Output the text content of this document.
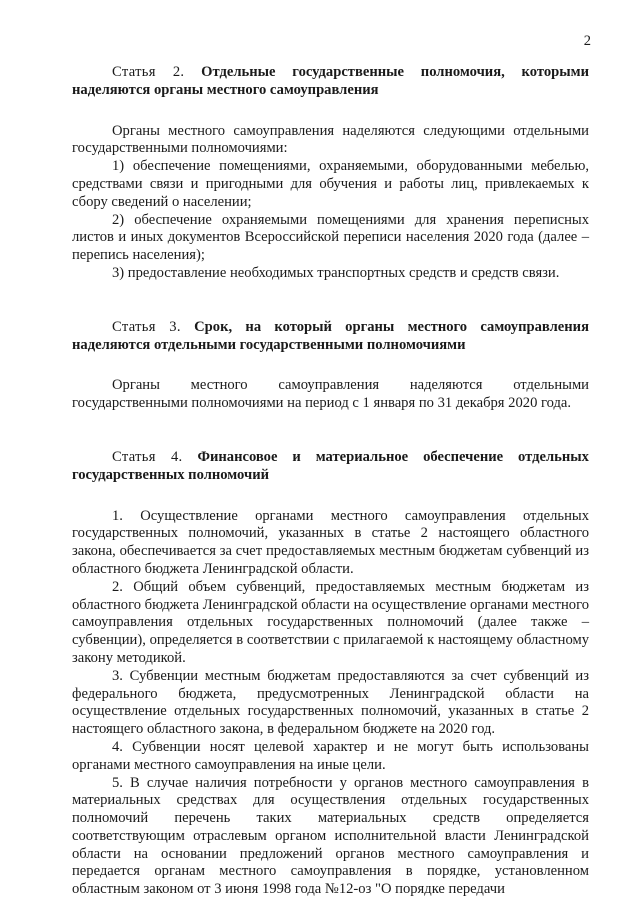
2

Статья 2. Отдельные государственные полномочия, которыми наделяются органы местного самоуправления

Органы местного самоуправления наделяются следующими отдельными государственными полномочиями:

1) обеспечение помещениями, охраняемыми, оборудованными мебелью, средствами связи и пригодными для обучения и работы лиц, привлекаемых к сбору сведений о населении;

2) обеспечение охраняемыми помещениями для хранения переписных листов и иных документов Всероссийской переписи населения 2020 года (далее – перепись населения);

3) предоставление необходимых транспортных средств и средств связи.

Статья 3. Срок, на который органы местного самоуправления наделяются отдельными государственными полномочиями

Органы местного самоуправления наделяются отдельными государственными полномочиями на период с 1 января по 31 декабря 2020 года.

Статья 4. Финансовое и материальное обеспечение отдельных государственных полномочий

1. Осуществление органами местного самоуправления отдельных государственных полномочий, указанных в статье 2 настоящего областного закона, обеспечивается за счет предоставляемых местным бюджетам субвенций из областного бюджета Ленинградской области.

2. Общий объем субвенций, предоставляемых местным бюджетам из областного бюджета Ленинградской области на осуществление органами местного самоуправления отдельных государственных полномочий (далее также – субвенции), определяется в соответствии с прилагаемой к настоящему областному закону методикой.

3. Субвенции местным бюджетам предоставляются за счет субвенций из федерального бюджета, предусмотренных Ленинградской области на осуществление отдельных государственных полномочий, указанных в статье 2 настоящего областного закона, в федеральном бюджете на 2020 год.

4. Субвенции носят целевой характер и не могут быть использованы органами местного самоуправления на иные цели.

5. В случае наличия потребности у органов местного самоуправления в материальных средствах для осуществления отдельных государственных полномочий перечень таких материальных средств определяется соответствующим отраслевым органом исполнительной власти Ленинградской области на основании предложений органов местного самоуправления и передается органам местного самоуправления в порядке, установленном областным законом от 3 июня 1998 года №12-оз "О порядке передачи
